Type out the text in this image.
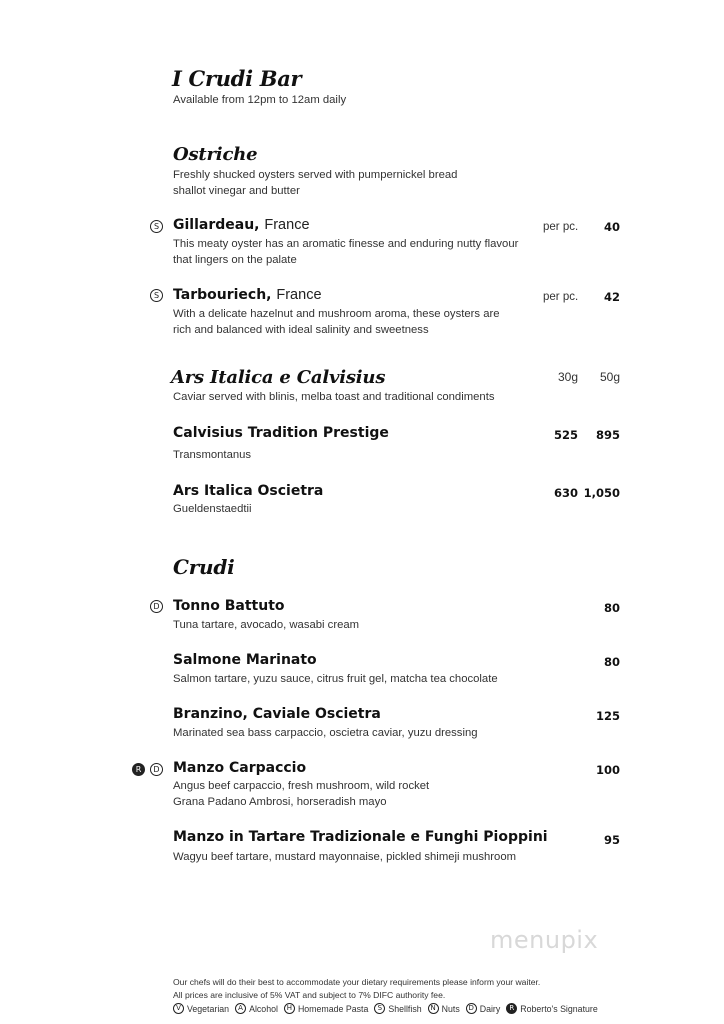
I Crudi Bar
Available from 12pm to 12am daily
Ostriche
Freshly shucked oysters served with pumpernickel bread
shallot vinegar and butter
S Gillardeau, France	per pc.	40
This meaty oyster has an aromatic finesse and enduring nutty flavour
that lingers on the palate
S Tarbouriech, France	per pc.	42
With a delicate hazelnut and mushroom aroma, these oysters are
rich and balanced with ideal salinity and sweetness
Ars Italica e Calvisius	30g	50g
Caviar served with blinis, melba toast and traditional condiments
Calvisius Tradition Prestige	525	895
Transmontanus
Ars Italica Oscietra	630 1,050
Gueldenstaedtii
Crudi
D Tonno Battuto	80
Tuna tartare, avocado, wasabi cream
Salmone Marinato	80
Salmon tartare, yuzu sauce, citrus fruit gel, matcha tea chocolate
Branzino, Caviale Oscietra	125
Marinated sea bass carpaccio, oscietra caviar, yuzu dressing
R	D Manzo Carpaccio	100
Angus beef carpaccio, fresh mushroom, wild rocket
Grana Padano Ambrosi, horseradish mayo
Manzo in Tartare Tradizionale e Funghi Pioppini	95
Wagyu beef tartare, mustard mayonnaise, pickled shimeji mushroom
menupix
Our chefs will do their best to accommodate your dietary requirements please inform your waiter.
All prices are inclusive of 5% VAT and subject to 7% DIFC authority fee.
V Vegetarian	A Alcohol	H Homemade Pasta	S Shellfish	N Nuts	D Dairy	R Roberto's Signature
